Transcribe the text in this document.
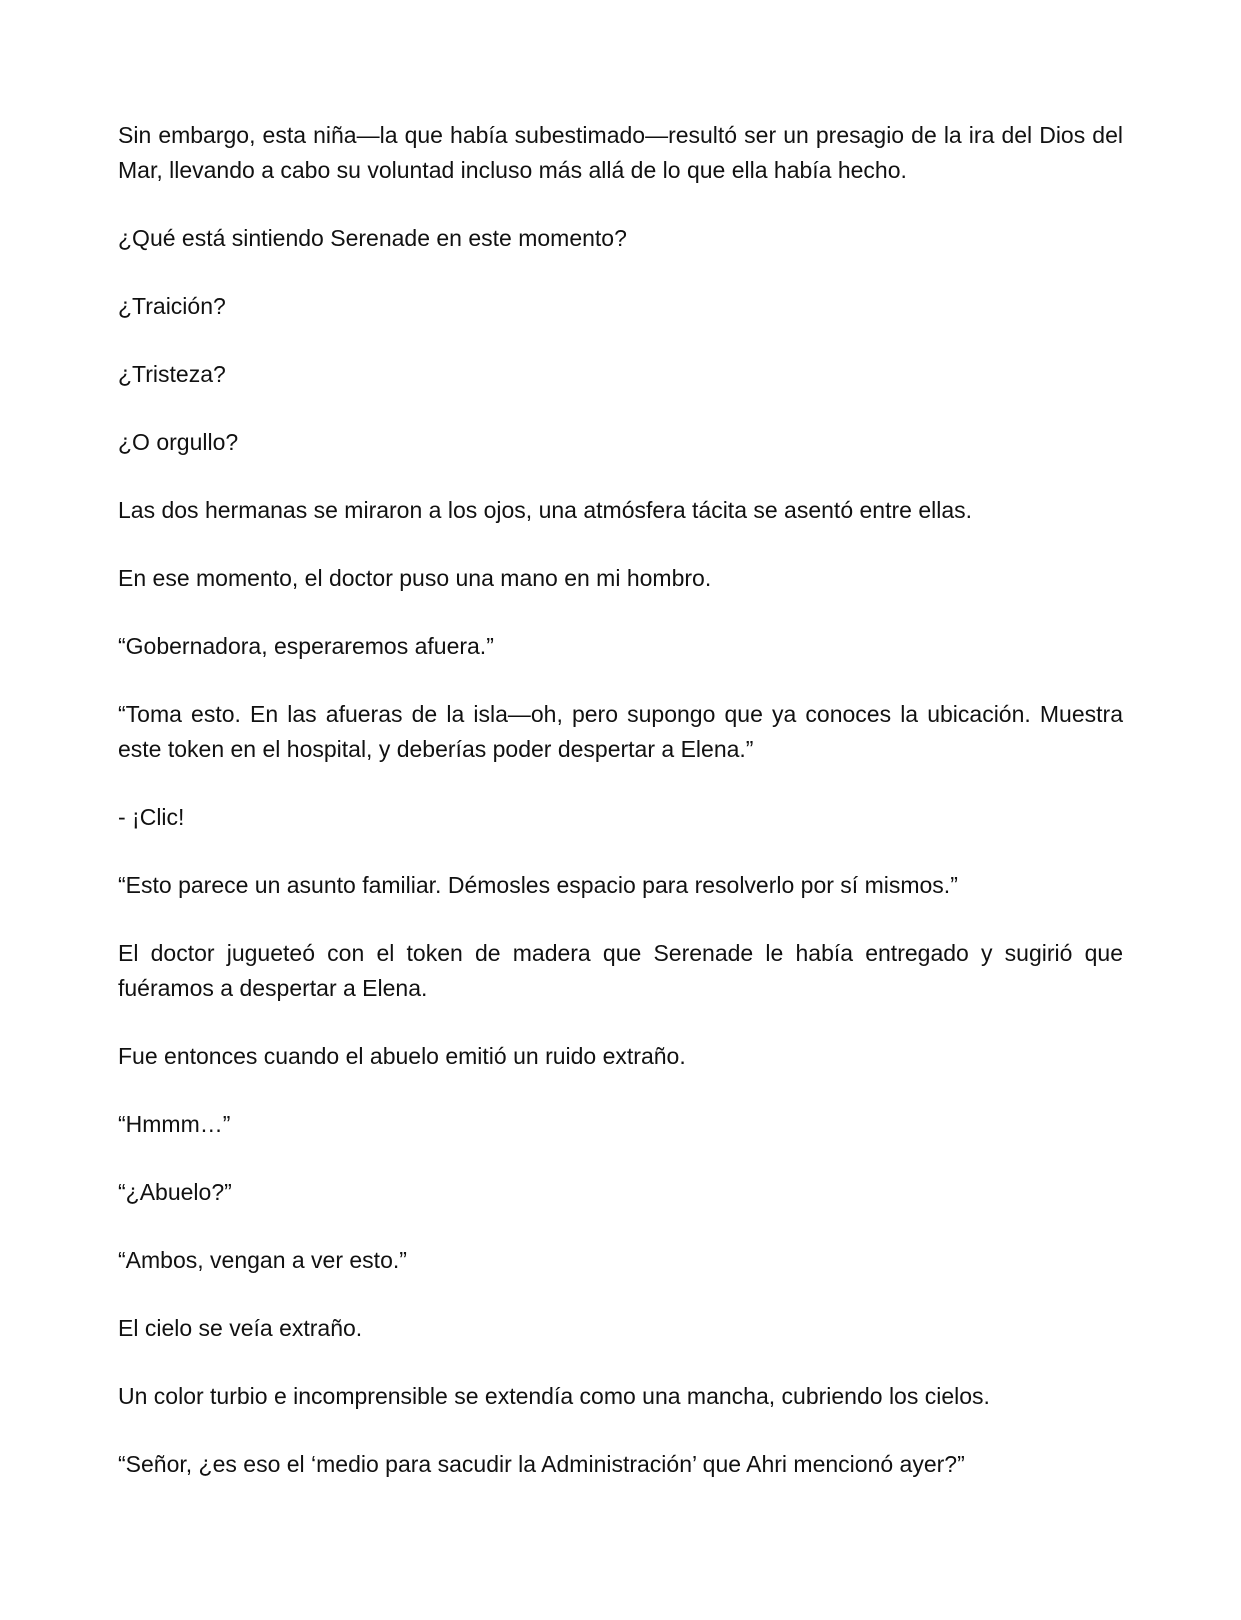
Sin embargo, esta niña—la que había subestimado—resultó ser un presagio de la ira del Dios del Mar, llevando a cabo su voluntad incluso más allá de lo que ella había hecho.

¿Qué está sintiendo Serenade en este momento?

¿Traición?

¿Tristeza?

¿O orgullo?

Las dos hermanas se miraron a los ojos, una atmósfera tácita se asentó entre ellas.

En ese momento, el doctor puso una mano en mi hombro.

“Gobernadora, esperaremos afuera.”

“Toma esto. En las afueras de la isla—oh, pero supongo que ya conoces la ubicación. Muestra este token en el hospital, y deberías poder despertar a Elena.”

- ¡Clic!

“Esto parece un asunto familiar. Démosles espacio para resolverlo por sí mismos.”

El doctor jugueteó con el token de madera que Serenade le había entregado y sugirió que fuéramos a despertar a Elena.

Fue entonces cuando el abuelo emitió un ruido extraño.

“Hmmm…”

“¿Abuelo?”

“Ambos, vengan a ver esto.”

El cielo se veía extraño.

Un color turbio e incomprensible se extendía como una mancha, cubriendo los cielos.

“Señor, ¿es eso el ‘medio para sacudir la Administración’ que Ahri mencionó ayer?”
